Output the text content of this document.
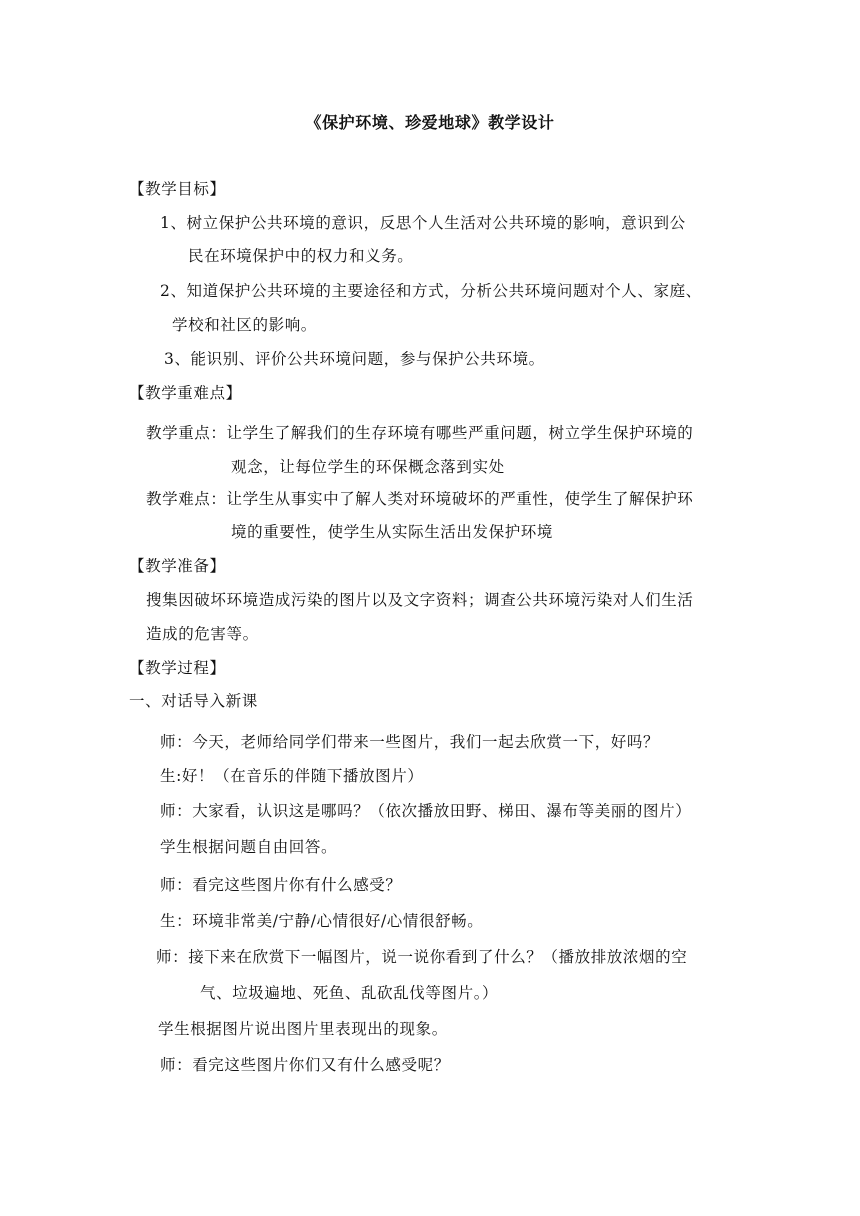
《保护环境、珍爱地球》教学设计
【教学目标】
1、树立保护公共环境的意识，反思个人生活对公共环境的影响，意识到公
民在环境保护中的权力和义务。
2、知道保护公共环境的主要途径和方式，分析公共环境问题对个人、家庭、
学校和社区的影响。
3、能识别、评价公共环境问题，参与保护公共环境。
【教学重难点】
教学重点：让学生了解我们的生存环境有哪些严重问题，树立学生保护环境的
观念，让每位学生的环保概念落到实处
教学难点：让学生从事实中了解人类对环境破坏的严重性，使学生了解保护环
境的重要性，使学生从实际生活出发保护环境
【教学准备】
搜集因破坏环境造成污染的图片以及文字资料；调查公共环境污染对人们生活
造成的危害等。
【教学过程】
一、对话导入新课
师：今天，老师给同学们带来一些图片，我们一起去欣赏一下，好吗？
生:好！（在音乐的伴随下播放图片）
师：大家看，认识这是哪吗？（依次播放田野、梯田、瀑布等美丽的图片）
学生根据问题自由回答。
师：看完这些图片你有什么感受？
生：环境非常美/宁静/心情很好/心情很舒畅。
师：接下来在欣赏下一幅图片，说一说你看到了什么？（播放排放浓烟的空
气、垃圾遍地、死鱼、乱砍乱伐等图片。）
学生根据图片说出图片里表现出的现象。
师：看完这些图片你们又有什么感受呢？
